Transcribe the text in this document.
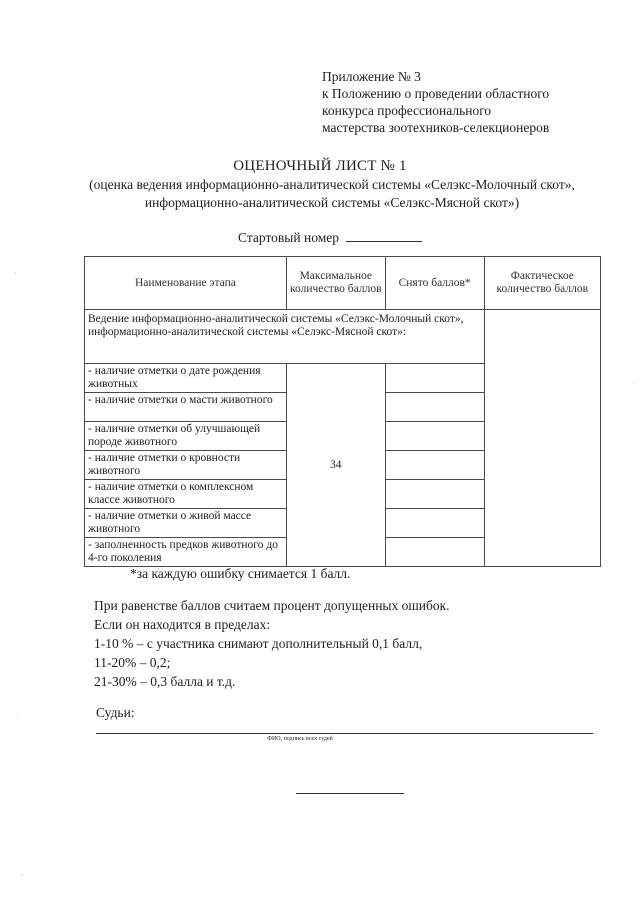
Приложение № 3
к Положению о проведении областного
конкурса профессионального
мастерства зоотехников-селекционеров
ОЦЕНОЧНЫЙ ЛИСТ № 1
(оценка ведения информационно-аналитической системы «Селэкс-Молочный скот», информационно-аналитической системы «Селэкс-Мясной скот»)
Стартовый номер
Наименование этапа	Максимальное количество баллов	Снято баллов*	Фактическое количество баллов
Ведение информационно-аналитической системы «Селэкс-Молочный скот», информационно-аналитической системы «Селэкс-Мясной скот»:			
- наличие отметки о дате рождения животных	34		
- наличие отметки о масти животного			
- наличие отметки об улучшающей породе животного			
- наличие отметки о кровности животного			
- наличие отметки о комплексном классе животного			
- наличие отметки о живой массе животного			
- заполненность предков животного до 4-го поколения			
*за каждую ошибку снимается 1 балл.
При равенстве баллов считаем процент допущенных ошибок.
Если он находится в пределах:
1-10 % – с участника снимают дополнительный 0,1 балл,
11-20% – 0,2;
21-30% – 0,3 балла и т.д.
Судьи:
ФИО, подпись всех судей
·
·
·
·
